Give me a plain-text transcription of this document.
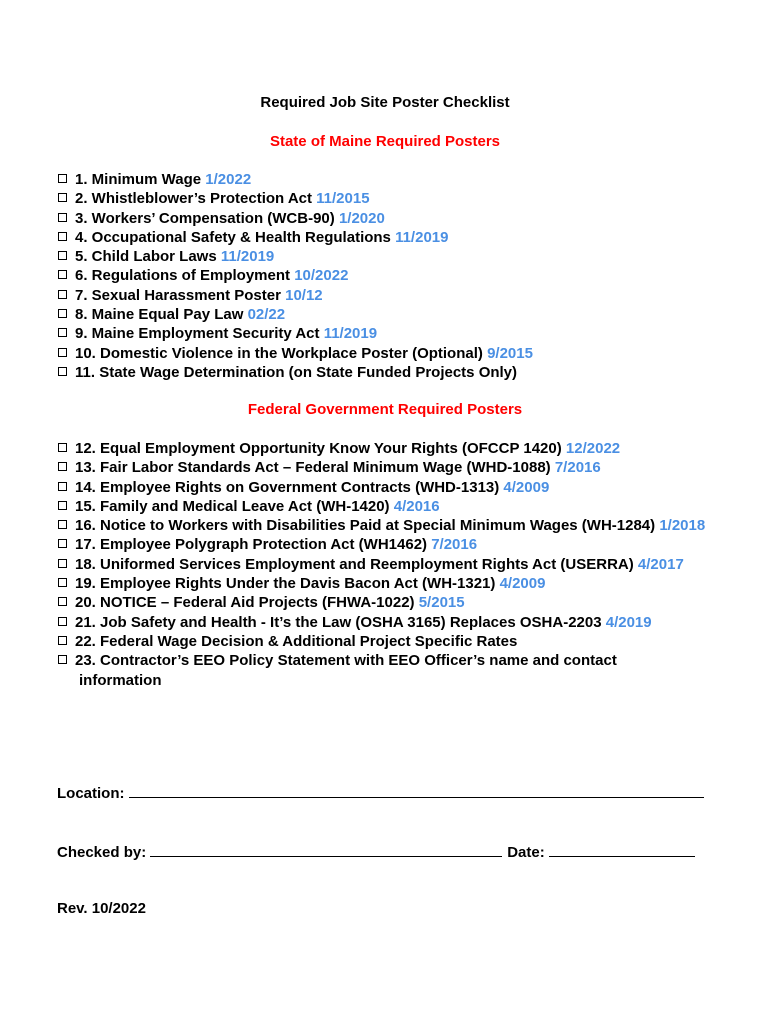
Required Job Site Poster Checklist
State of Maine Required Posters
1. Minimum Wage 1/2022
2. Whistleblower’s Protection Act 11/2015
3. Workers’ Compensation (WCB-90) 1/2020
4. Occupational Safety & Health Regulations 11/2019
5. Child Labor Laws 11/2019
6. Regulations of Employment 10/2022
7. Sexual Harassment Poster 10/12
8. Maine Equal Pay Law 02/22
9. Maine Employment Security Act 11/2019
10. Domestic Violence in the Workplace Poster (Optional) 9/2015
11. State Wage Determination (on State Funded Projects Only)
Federal Government Required Posters
12. Equal Employment Opportunity Know Your Rights (OFCCP 1420) 12/2022
13. Fair Labor Standards Act – Federal Minimum Wage (WHD-1088) 7/2016
14. Employee Rights on Government Contracts (WHD-1313) 4/2009
15. Family and Medical Leave Act (WH-1420) 4/2016
16. Notice to Workers with Disabilities Paid at Special Minimum Wages (WH-1284) 1/2018
17. Employee Polygraph Protection Act (WH1462) 7/2016
18. Uniformed Services Employment and Reemployment Rights Act (USERRA) 4/2017
19. Employee Rights Under the Davis Bacon Act (WH-1321) 4/2009
20. NOTICE – Federal Aid Projects (FHWA-1022) 5/2015
21. Job Safety and Health - It’s the Law (OSHA 3165) Replaces OSHA-2203 4/2019
22. Federal Wage Decision & Additional Project Specific Rates
23. Contractor’s EEO Policy Statement with EEO Officer’s name and contact
information
Location:
Checked by:	Date:
Rev. 10/2022
